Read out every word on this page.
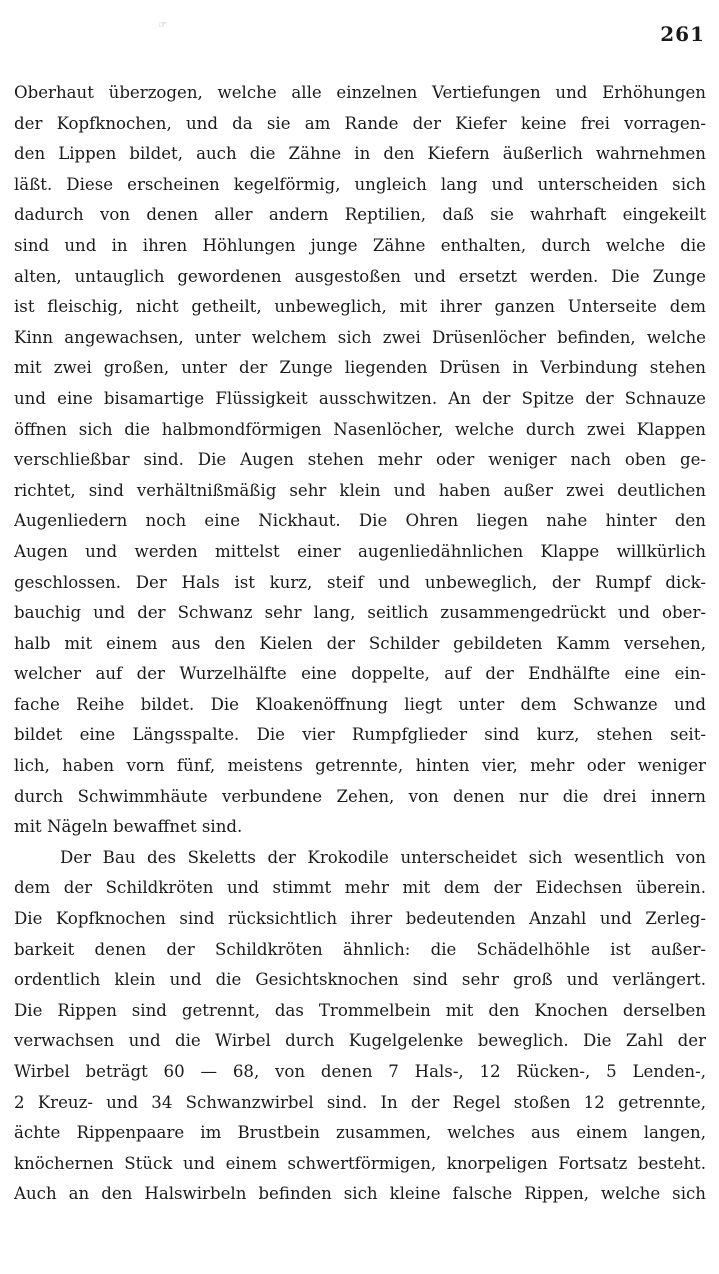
☞	261
Oberhaut überzogen, welche alle einzelnen Vertiefungen und Erhöhungen
der Kopfknochen, und da sie am Rande der Kiefer keine frei vorragen-
den Lippen bildet, auch die Zähne in den Kiefern äußerlich wahrnehmen
läßt. Diese erscheinen kegelförmig, ungleich lang und unterscheiden sich
dadurch von denen aller andern Reptilien, daß sie wahrhaft eingekeilt
sind und in ihren Höhlungen junge Zähne enthalten, durch welche die
alten, untauglich gewordenen ausgestoßen und ersetzt werden. Die Zunge
ist fleischig, nicht getheilt, unbeweglich, mit ihrer ganzen Unterseite dem
Kinn angewachsen, unter welchem sich zwei Drüsenlöcher befinden, welche
mit zwei großen, unter der Zunge liegenden Drüsen in Verbindung stehen
und eine bisamartige Flüssigkeit ausschwitzen. An der Spitze der Schnauze
öffnen sich die halbmondförmigen Nasenlöcher, welche durch zwei Klappen
verschließbar sind. Die Augen stehen mehr oder weniger nach oben ge-
richtet, sind verhältnißmäßig sehr klein und haben außer zwei deutlichen
Augenliedern noch eine Nickhaut. Die Ohren liegen nahe hinter den
Augen und werden mittelst einer augenliedähnlichen Klappe willkürlich
geschlossen. Der Hals ist kurz, steif und unbeweglich, der Rumpf dick-
bauchig und der Schwanz sehr lang, seitlich zusammengedrückt und ober-
halb mit einem aus den Kielen der Schilder gebildeten Kamm versehen,
welcher auf der Wurzelhälfte eine doppelte, auf der Endhälfte eine ein-
fache Reihe bildet. Die Kloakenöffnung liegt unter dem Schwanze und
bildet eine Längsspalte. Die vier Rumpfglieder sind kurz, stehen seit-
lich, haben vorn fünf, meistens getrennte, hinten vier, mehr oder weniger
durch Schwimmhäute verbundene Zehen, von denen nur die drei innern
mit Nägeln bewaffnet sind.
Der Bau des Skeletts der Krokodile unterscheidet sich wesentlich von
dem der Schildkröten und stimmt mehr mit dem der Eidechsen überein.
Die Kopfknochen sind rücksichtlich ihrer bedeutenden Anzahl und Zerleg-
barkeit denen der Schildkröten ähnlich: die Schädelhöhle ist außer-
ordentlich klein und die Gesichtsknochen sind sehr groß und verlängert.
Die Rippen sind getrennt, das Trommelbein mit den Knochen derselben
verwachsen und die Wirbel durch Kugelgelenke beweglich. Die Zahl der
Wirbel beträgt 60 — 68, von denen 7 Hals-, 12 Rücken-, 5 Lenden-,
2 Kreuz- und 34 Schwanzwirbel sind. In der Regel stoßen 12 getrennte,
ächte Rippenpaare im Brustbein zusammen, welches aus einem langen,
knöchernen Stück und einem schwertförmigen, knorpeligen Fortsatz besteht.
Auch an den Halswirbeln befinden sich kleine falsche Rippen, welche sich
